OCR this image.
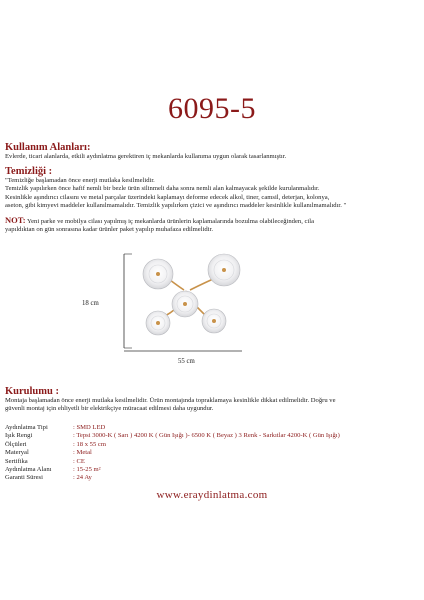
6095-5
Kullanım Alanları:
Evlerde, ticari alanlarda, etkili aydınlatma gerektiren iç mekanlarda kullanıma uygun olarak tasarlanmıştır.
Temizliği :
"Temizliğe başlamadan önce enerji mutlaka kesilmelidir.
Temizlik yapılırken önce hafif nemli bir bezle ürün silinmeli daha sonra nemli alan kalmayacak şekilde kurulanmalıdır.
Kesinlikle aşındırıcı cilasını ve metal parçalar üzerindeki kaplamayı deforme edecek alkol, tiner, camsil, deterjan, kolonya,
aseton, gibi kimyevi maddeler kullanılmamalıdır. Temizlik yapılırken çizici ve aşındırıcı maddeler kesinlikle kullanılmamalıdır. "
NOT: Yeni parke ve mobilya cilası yapılmış iç mekanlarda ürünlerin kaplamalarında bozulma olabileceğinden, cila
yapıldıktan on gün sonrasına kadar ürünler paket yapılıp muhafaza edilmelidir.
18 cm
55 cm
Kurulumu :
Montaja başlamadan önce enerji mutlaka kesilmelidir. Ürün montajında topraklamaya kesinlikle dikkat edilmelidir. Doğru ve
güvenli montaj için ehliyetli bir elektrikçiye müracaat edilmesi daha uygundur.
Aydınlatma Tipi	: SMD LED
Işık Rengi	: Tepsi 3000-K ( Sarı ) 4200 K ( Gün Işığı )- 6500 K ( Beyaz ) 3 Renk - Sarkıtlar 4200-K ( Gün Işığı)
Ölçüleri	: 18 x 55 cm
Materyal	: Metal
Sertifika	: CE
Aydınlatma Alanı	: 15-25 m²
Garanti Süresi	: 24 Ay
www.eraydinlatma.com
